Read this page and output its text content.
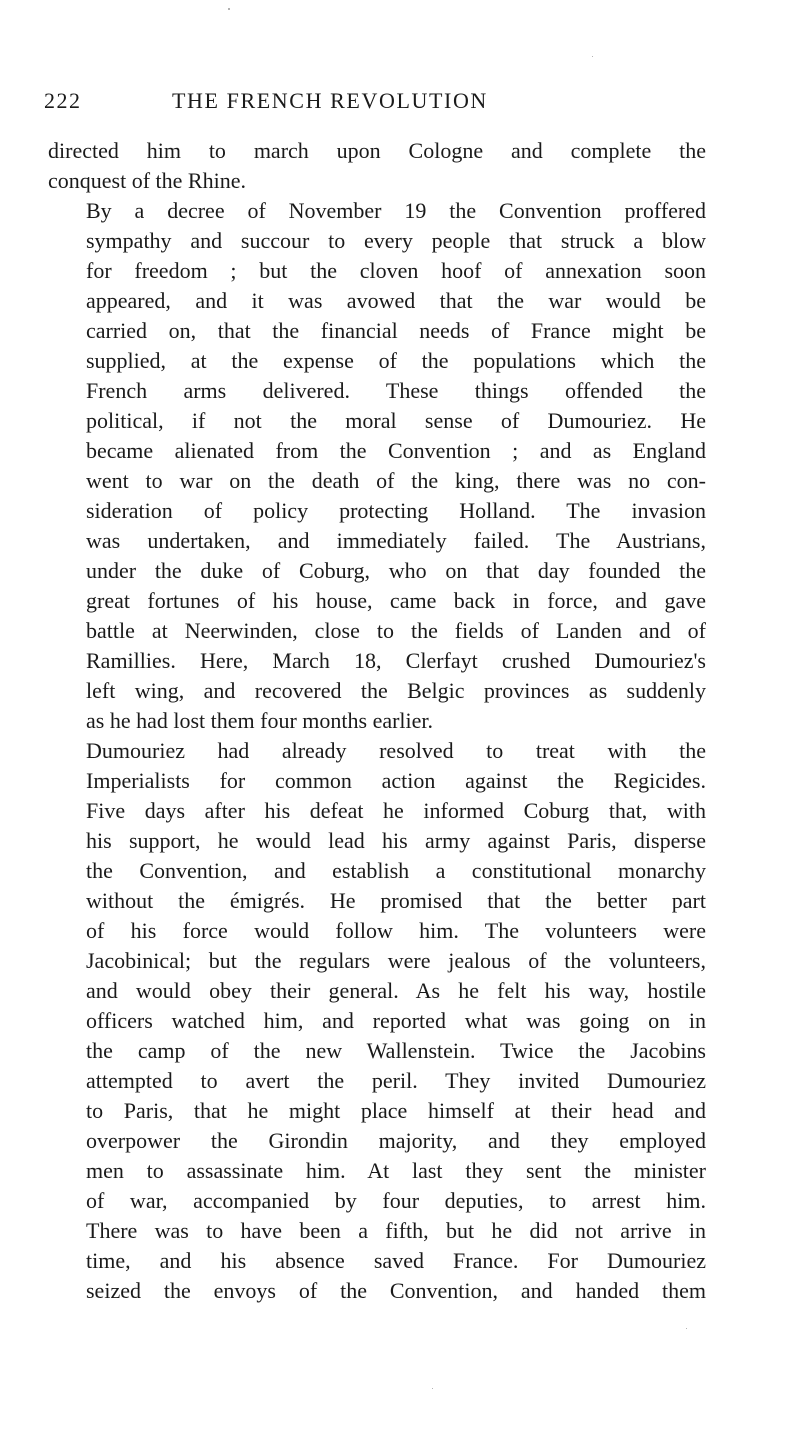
222	THE FRENCH REVOLUTION

directed him to march upon Cologne and complete the
conquest of the Rhine.

By a decree of November 19 the Convention proffered
sympathy and succour to every people that struck a blow
for freedom ; but the cloven hoof of annexation soon
appeared, and it was avowed that the war would be
carried on, that the financial needs of France might be
supplied, at the expense of the populations which the
French arms delivered. These things offended the
political, if not the moral sense of Dumouriez. He
became alienated from the Convention ; and as England
went to war on the death of the king, there was no con-
sideration of policy protecting Holland. The invasion
was undertaken, and immediately failed. The Austrians,
under the duke of Coburg, who on that day founded the
great fortunes of his house, came back in force, and gave
battle at Neerwinden, close to the fields of Landen and of
Ramillies. Here, March 18, Clerfayt crushed Dumouriez's
left wing, and recovered the Belgic provinces as suddenly
as he had lost them four months earlier.

Dumouriez had already resolved to treat with the
Imperialists for common action against the Regicides.
Five days after his defeat he informed Coburg that, with
his support, he would lead his army against Paris, disperse
the Convention, and establish a constitutional monarchy
without the émigrés. He promised that the better part
of his force would follow him. The volunteers were
Jacobinical; but the regulars were jealous of the volunteers,
and would obey their general. As he felt his way, hostile
officers watched him, and reported what was going on in
the camp of the new Wallenstein. Twice the Jacobins
attempted to avert the peril. They invited Dumouriez
to Paris, that he might place himself at their head and
overpower the Girondin majority, and they employed
men to assassinate him. At last they sent the minister
of war, accompanied by four deputies, to arrest him.
There was to have been a fifth, but he did not arrive in
time, and his absence saved France. For Dumouriez
seized the envoys of the Convention, and handed them
